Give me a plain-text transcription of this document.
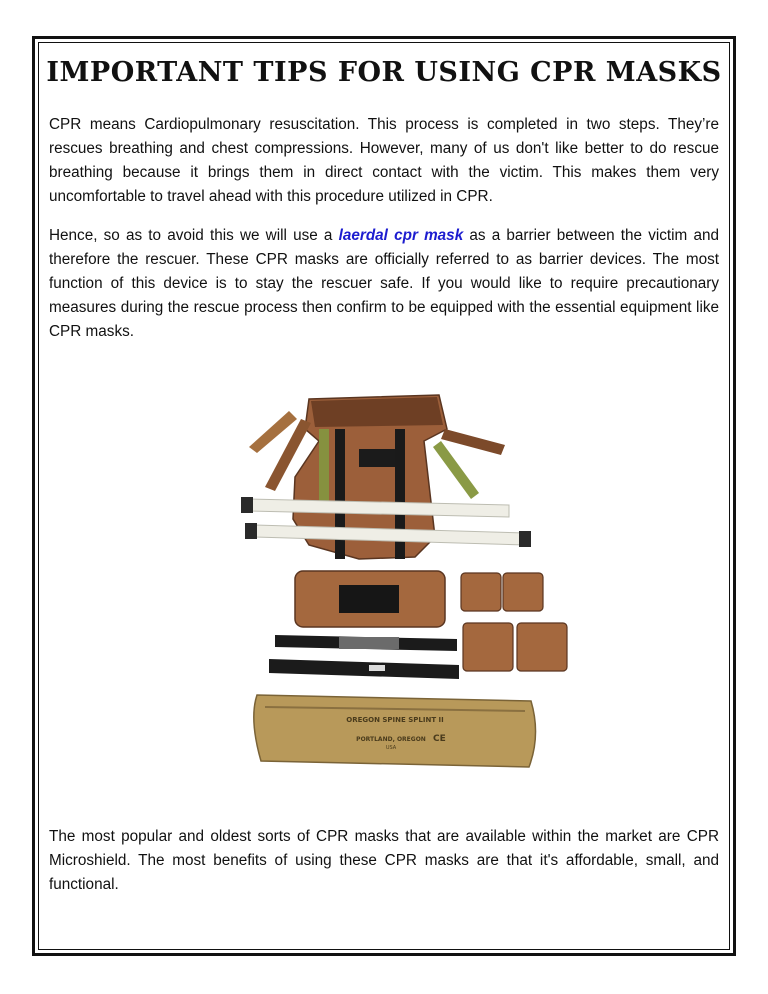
IMPORTANT TIPS FOR USING CPR MASKS

CPR means Cardiopulmonary resuscitation. This process is completed in two steps. They’re rescues breathing and chest compressions. However, many of us don't like better to do rescue breathing because it brings them in direct contact with the victim. This makes them very uncomfortable to travel ahead with this procedure utilized in CPR.

Hence, so as to avoid this we will use a laerdal cpr mask as a barrier between the victim and therefore the rescuer. These CPR masks are officially referred to as barrier devices. The most function of this device is to stay the rescuer safe. If you would like to require precautionary measures during the rescue process then confirm to be equipped with the essential equipment like CPR masks.

OREGON SPINE SPLINT II
PORTLAND, OREGON
USA
CE

The most popular and oldest sorts of CPR masks that are available within the market are CPR Microshield. The most benefits of using these CPR masks are that it's affordable, small, and functional.
